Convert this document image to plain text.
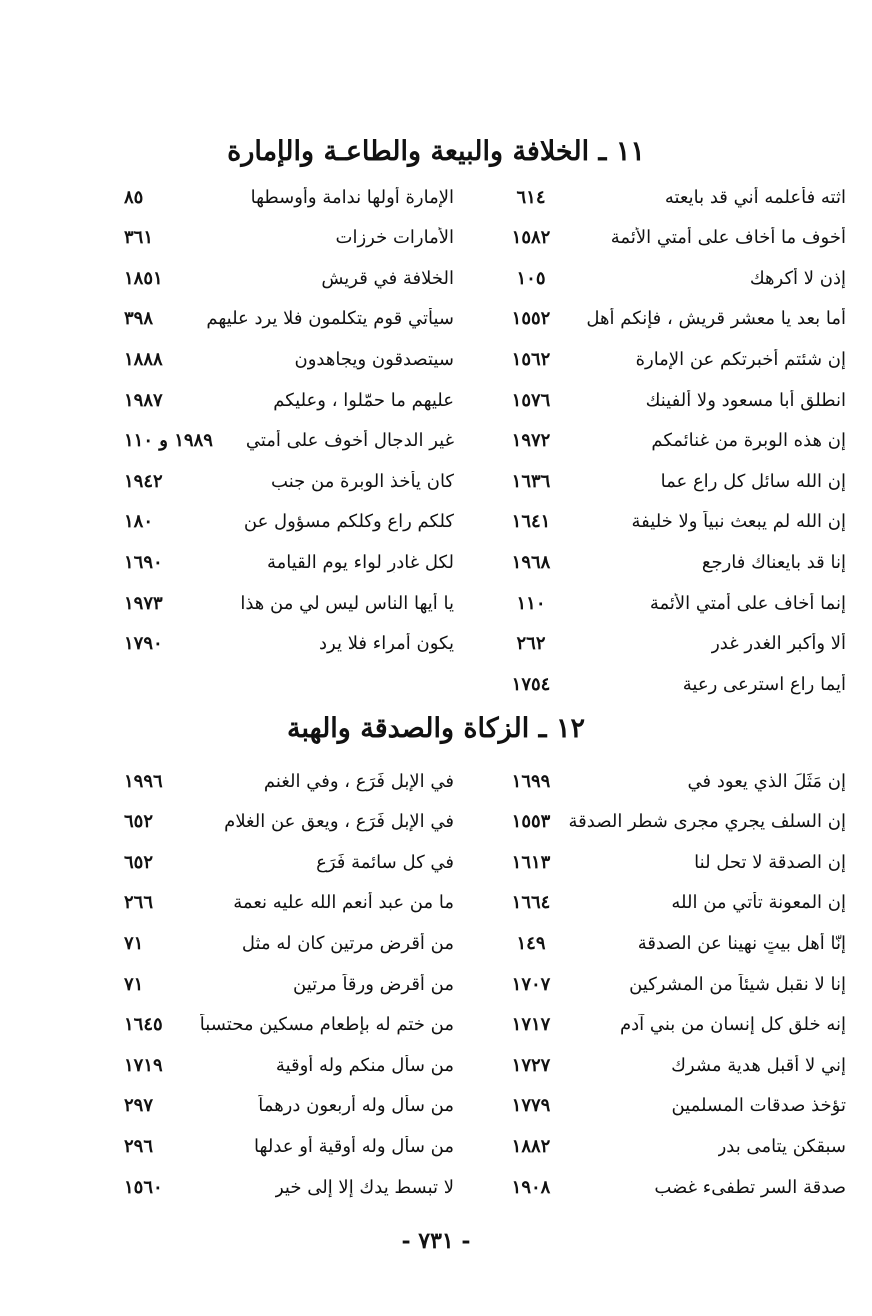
١١ ـ الخلافة والبيعة والطاعـة والإمارة
اثته فأعلمه أني قد بايعته
٦١٤
أخوف ما أخاف على أمتي الأئمة
١٥٨٢
إذن لا أكرهك
١٠٥
أما بعد يا معشر قريش ، فإنكم أهل
١٥٥٢
إن شئتم أخبرتكم عن الإمارة
١٥٦٢
انطلق أبا مسعود ولا ألفينك
١٥٧٦
إن هذه الوبرة من غنائمكم
١٩٧٢
إن الله سائل كل راع عما
١٦٣٦
إن الله لم يبعث نبياً ولا خليفة
١٦٤١
إنا قد بايعناك فارجع
١٩٦٨
إنما أخاف على أمتي الأئمة
١١٠
ألا وأكبر الغدر غدر
٢٦٢
أيما راعٍ استرعى رعية
١٧٥٤
الإمارة أولها ندامة وأوسطها
٨٥
الأمارات خرزات
٣٦١
الخلافة في قريش
١٨٥١
سيأتي قوم يتكلمون فلا يرد عليهم
٣٩٨
سيتصدقون ويجاهدون
١٨٨٨
عليهم ما حمّلوا ، وعليكم
١٩٨٧
غير الدجال أخوف على أمتي
١٩٨٩ و ١١٠
كان يأخذ الوبرة من جنب
١٩٤٢
كلكم راعٍ وكلكم مسؤول عن
١٨٠
لكل غادرٍ لواء يوم القيامة
١٦٩٠
يا أيها الناس ليس لي من هذا
١٩٧٣
يكون أمراء فلا يرد
١٧٩٠
١٢ ـ الزكاة والصدقة والهبة
إن مَثَلَ الذي يعود في
١٦٩٩
إن السلف يجري مجرى شطر الصدقة
١٥٥٣
إن الصدقة لا تحل لنا
١٦١٣
إن المعونة تأتي من الله
١٦٦٤
إنّا أهل بيتٍ نهينا عن الصدقة
١٤٩
إنا لا نقبل شيئاً من المشركين
١٧٠٧
إنه خلق كل إنسان من بني آدم
١٧١٧
إني لا أقبل هدية مشرك
١٧٢٧
تؤخذ صدقات المسلمين
١٧٧٩
سبقكن يتامى بدر
١٨٨٢
صدقة السر تطفىء غضب
١٩٠٨
في الإبل فَرَع ، وفي الغنم
١٩٩٦
في الإبل فَرَع ، ويعق عن الغلام
٦٥٢
في كل سائمة فَرَع
٦٥٢
ما من عبد أنعم الله عليه نعمة
٢٦٦
من أقرض مرتين كان له مثل
٧١
من أقرض ورقاً مرتين
٧١
من ختم له بإطعام مسكين محتسباً
١٦٤٥
من سأل منكم وله أوقية
١٧١٩
من سأل وله أربعون درهماً
٢٩٧
من سأل وله أوقية أو عدلها
٢٩٦
لا تبسط يدك إلا إلى خير
١٥٦٠
- ٧٣١ -
